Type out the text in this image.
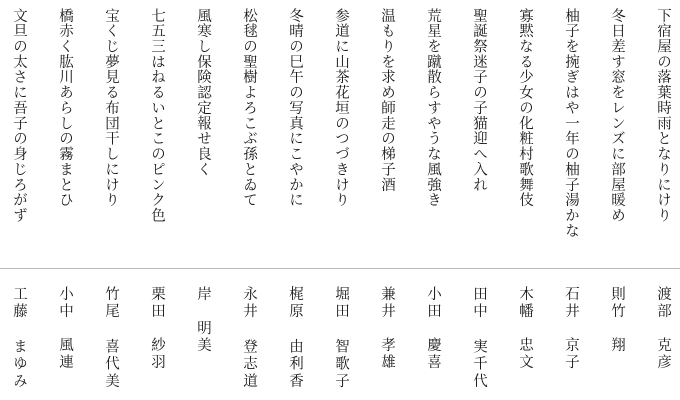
下宿屋の落葉時雨となりにけり
冬日差す窓をレンズに部屋暖め
柚子を捥ぎはや一年の柚子湯かな
寡黙なる少女の化粧村歌舞伎
聖誕祭迷子の子猫迎へ入れ
荒星を蹴散らすやうな風強き
温もりを求め師走の梯子酒
参道に山茶花垣のつづきけり
冬晴の巳午の写真にこやかに
松毬の聖樹よろこぶ孫とゐて
風寒し保険認定報せ良く
七五三はねるいとこのピンク色
宝くじ夢見る布団干しにけり
橋赤く肱川あらしの霧まとひ
文旦の太さに吾子の身じろがず
渡部　克彦
則竹　翔
石井　京子
木幡　忠文
田中 実千代
小田　慶喜
兼井　孝雄
堀田 智歌子
梶原 由利香
永井 登志道
岸　明美
栗田　紗羽
竹尾 喜代美
小中　風連
工藤 まゆみ
